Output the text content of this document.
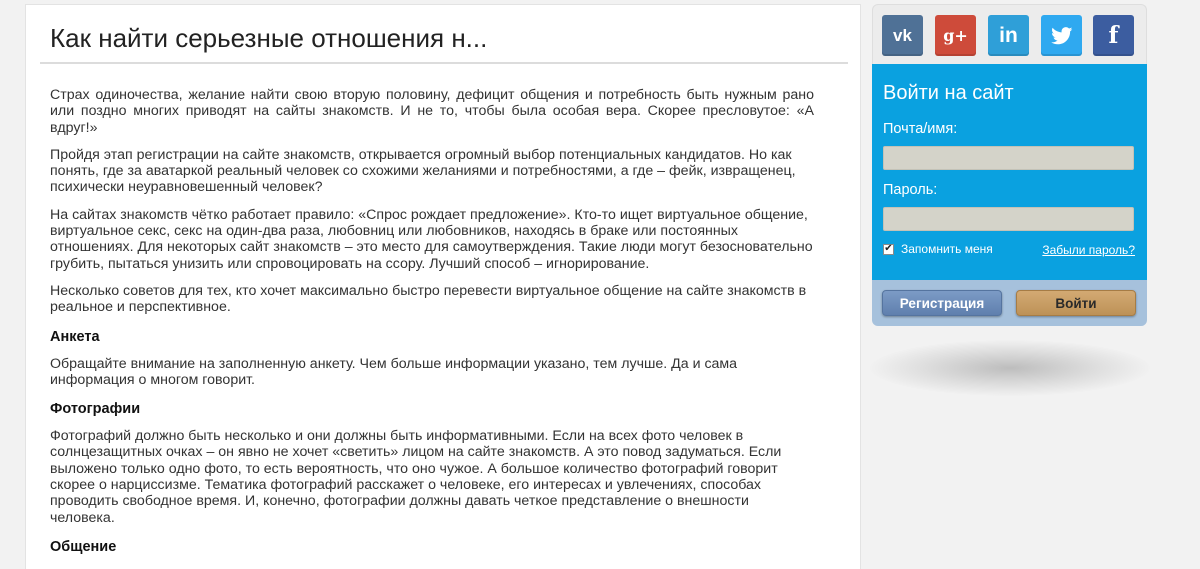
Как найти серьезные отношения н...

Страх одиночества, желание найти свою вторую половину, дефицит общения и потребность быть нужным рано или поздно многих приводят на сайты знакомств. И не то, чтобы была особая вера. Скорее пресловутое: «А вдруг!»

Пройдя этап регистрации на сайте знакомств, открывается огромный выбор потенциальных кандидатов. Но как понять, где за аватаркой реальный человек со схожими желаниями и потребностями, а где – фейк, извращенец, психически неуравновешенный человек?

На сайтах знакомств чётко работает правило: «Спрос рождает предложение». Кто-то ищет виртуальное общение, виртуальное секс, секс на один-два раза, любовниц или любовников, находясь в браке или постоянных отношениях. Для некоторых сайт знакомств – это место для самоутверждения. Такие люди могут безосновательно грубить, пытаться унизить или спровоцировать на ссору. Лучший способ – игнорирование.

Несколько советов для тех, кто хочет максимально быстро перевести виртуальное общение на сайте знакомств в реальное и перспективное.

Анкета

Обращайте внимание на заполненную анкету. Чем больше информации указано, тем лучше. Да и сама информация о многом говорит.

Фотографии

Фотографий должно быть несколько и они должны быть информативными. Если на всех фото человек в солнцезащитных очках – он явно не хочет «светить» лицом на сайте знакомств. А это повод задуматься. Если выложено только одно фото, то есть вероятность, что оно чужое. А большое количество фотографий говорит скорее о нарциссизме. Тематика фотографий расскажет о человеке, его интересах и увлечениях, способах проводить свободное время. И, конечно, фотографии должны давать четкое представление о внешности человека.

Общение

vk g+ in	f
Войти на сайт
Почта/имя:
Пароль:
✔ Запомнить меня	Забыли пароль?
Регистрация	Войти
